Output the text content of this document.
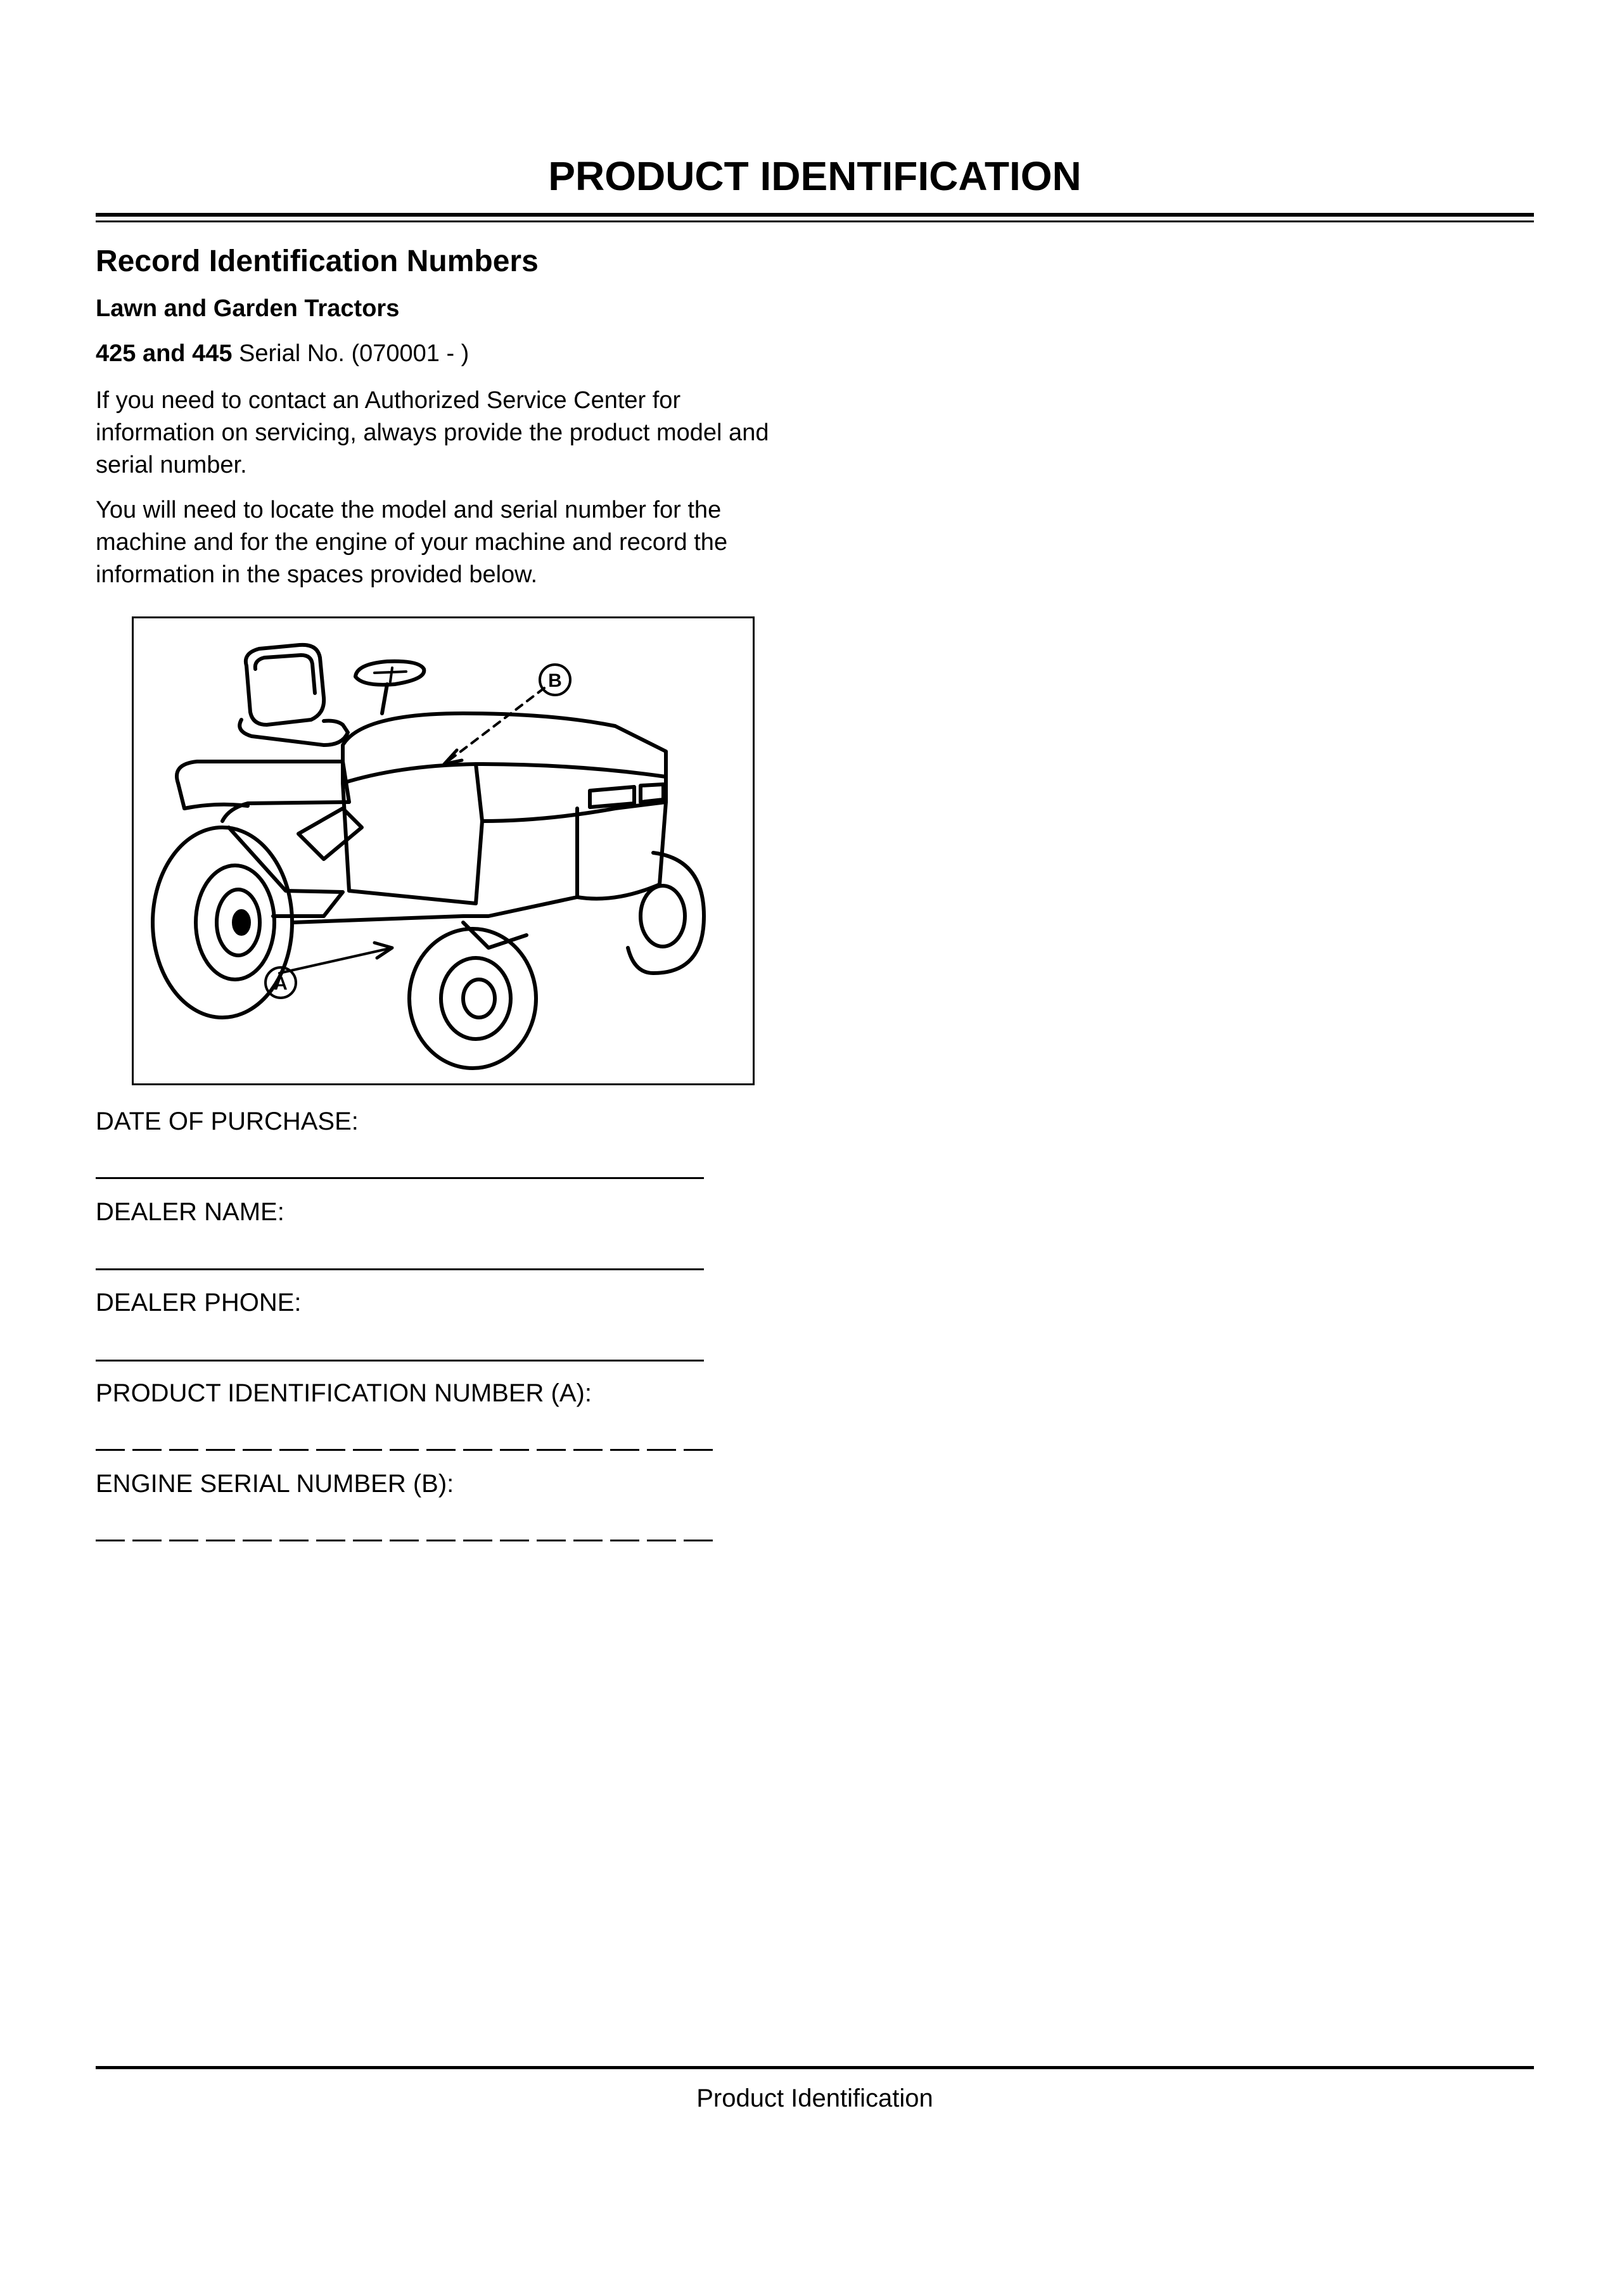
PRODUCT IDENTIFICATION
Record Identification Numbers
Lawn and Garden Tractors
425 and 445 Serial No. (070001 - )
If you need to contact an Authorized Service Center for information on servicing, always provide the product model and serial number.
You will need to locate the model and serial number for the machine and for the engine of your machine and record the information in the spaces provided below.
B
A
DATE OF PURCHASE:
DEALER NAME:
DEALER PHONE:
PRODUCT IDENTIFICATION NUMBER (A):
ENGINE SERIAL NUMBER (B):
Product Identification
